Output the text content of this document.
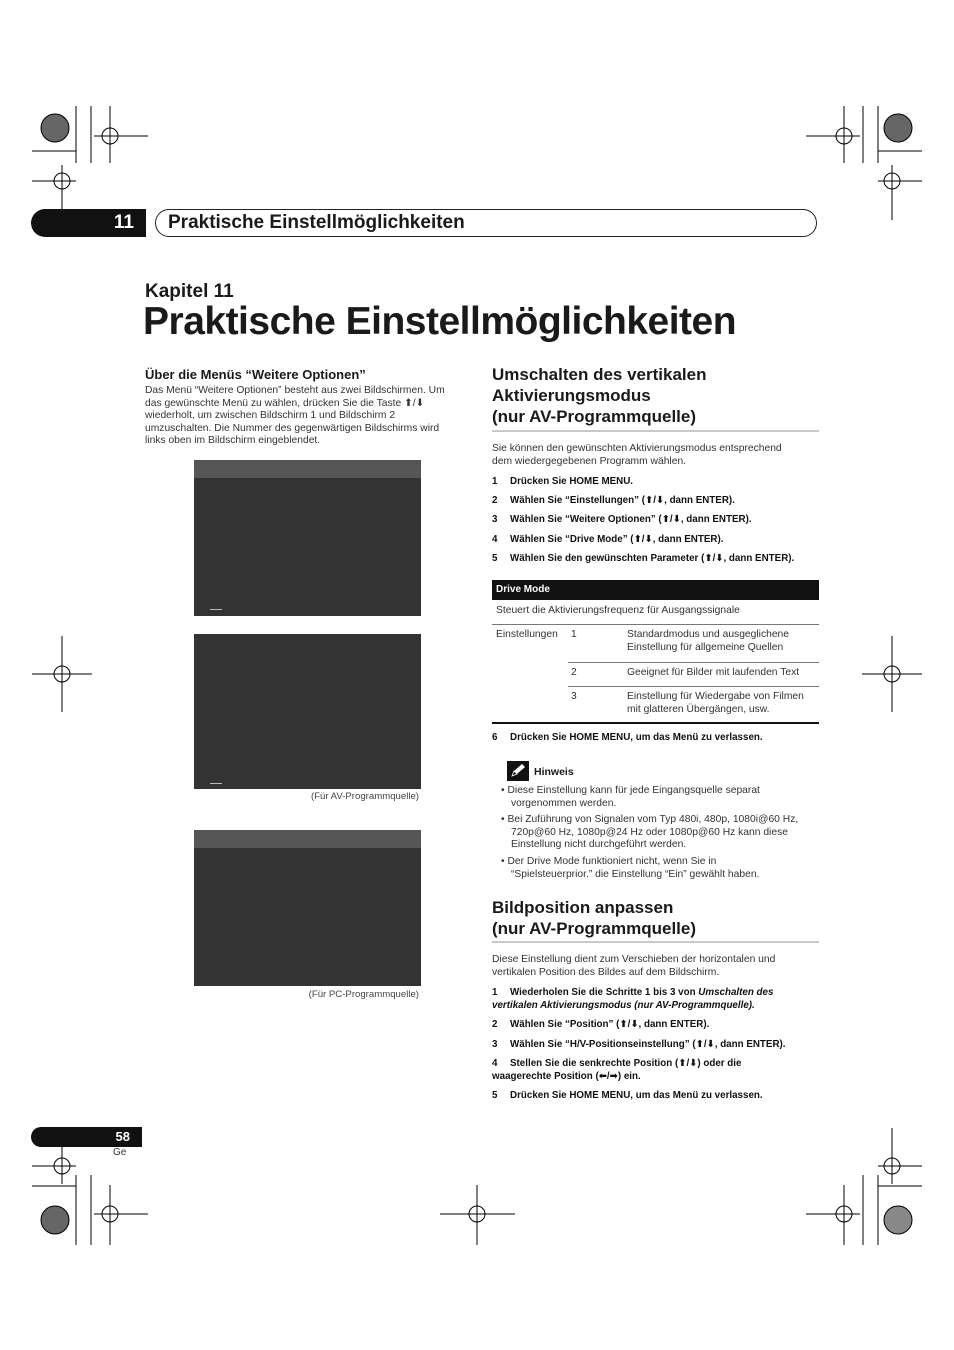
11	Praktische Einstellmöglichkeiten
Kapitel 11
Praktische Einstellmöglichkeiten
Über die Menüs “Weitere Optionen”
Das Menü “Weitere Optionen” besteht aus zwei Bildschirmen. Um
das gewünschte Menü zu wählen, drücken Sie die Taste ⬆/⬇
wiederholt, um zwischen Bildschirm 1 und Bildschirm 2
umzuschalten. Die Nummer des gegenwärtigen Bildschirms wird
links oben im Bildschirm eingeblendet.
(Für AV-Programmquelle)
(Für PC-Programmquelle)
Umschalten des vertikalen
Aktivierungsmodus
(nur AV-Programmquelle)
Sie können den gewünschten Aktivierungsmodus entsprechend
dem wiedergegebenen Programm wählen.
1 Drücken Sie HOME MENU.
2 Wählen Sie “Einstellungen” (⬆/⬇, dann ENTER).
3 Wählen Sie “Weitere Optionen” (⬆/⬇, dann ENTER).
4 Wählen Sie “Drive Mode” (⬆/⬇, dann ENTER).
5 Wählen Sie den gewünschten Parameter (⬆/⬇, dann ENTER).
Drive Mode
Steuert die Aktivierungsfrequenz für Ausgangssignale
Einstellungen 1	Standardmodus und ausgeglichene
Einstellung für allgemeine Quellen
2	Geeignet für Bilder mit laufenden Text
3	Einstellung für Wiedergabe von Filmen
mit glatteren Übergängen, usw.
6 Drücken Sie HOME MENU, um das Menü zu verlassen.
Hinweis
• Diese Einstellung kann für jede Eingangsquelle separat
vorgenommen werden.
• Bei Zuführung von Signalen vom Typ 480i, 480p, 1080i@60 Hz,
720p@60 Hz, 1080p@24 Hz oder 1080p@60 Hz kann diese
Einstellung nicht durchgeführt werden.
• Der Drive Mode funktioniert nicht, wenn Sie in
“Spielsteuerprior.” die Einstellung “Ein” gewählt haben.
Bildposition anpassen
(nur AV-Programmquelle)
Diese Einstellung dient zum Verschieben der horizontalen und
vertikalen Position des Bildes auf dem Bildschirm.
1 Wiederholen Sie die Schritte 1 bis 3 von Umschalten des
vertikalen Aktivierungsmodus (nur AV-Programmquelle).
2 Wählen Sie “Position” (⬆/⬇, dann ENTER).
3 Wählen Sie “H/V-Positionseinstellung” (⬆/⬇, dann ENTER).
4 Stellen Sie die senkrechte Position (⬆/⬇) oder die
waagerechte Position (⬅/➡) ein.
5 Drücken Sie HOME MENU, um das Menü zu verlassen.
58
Ge
